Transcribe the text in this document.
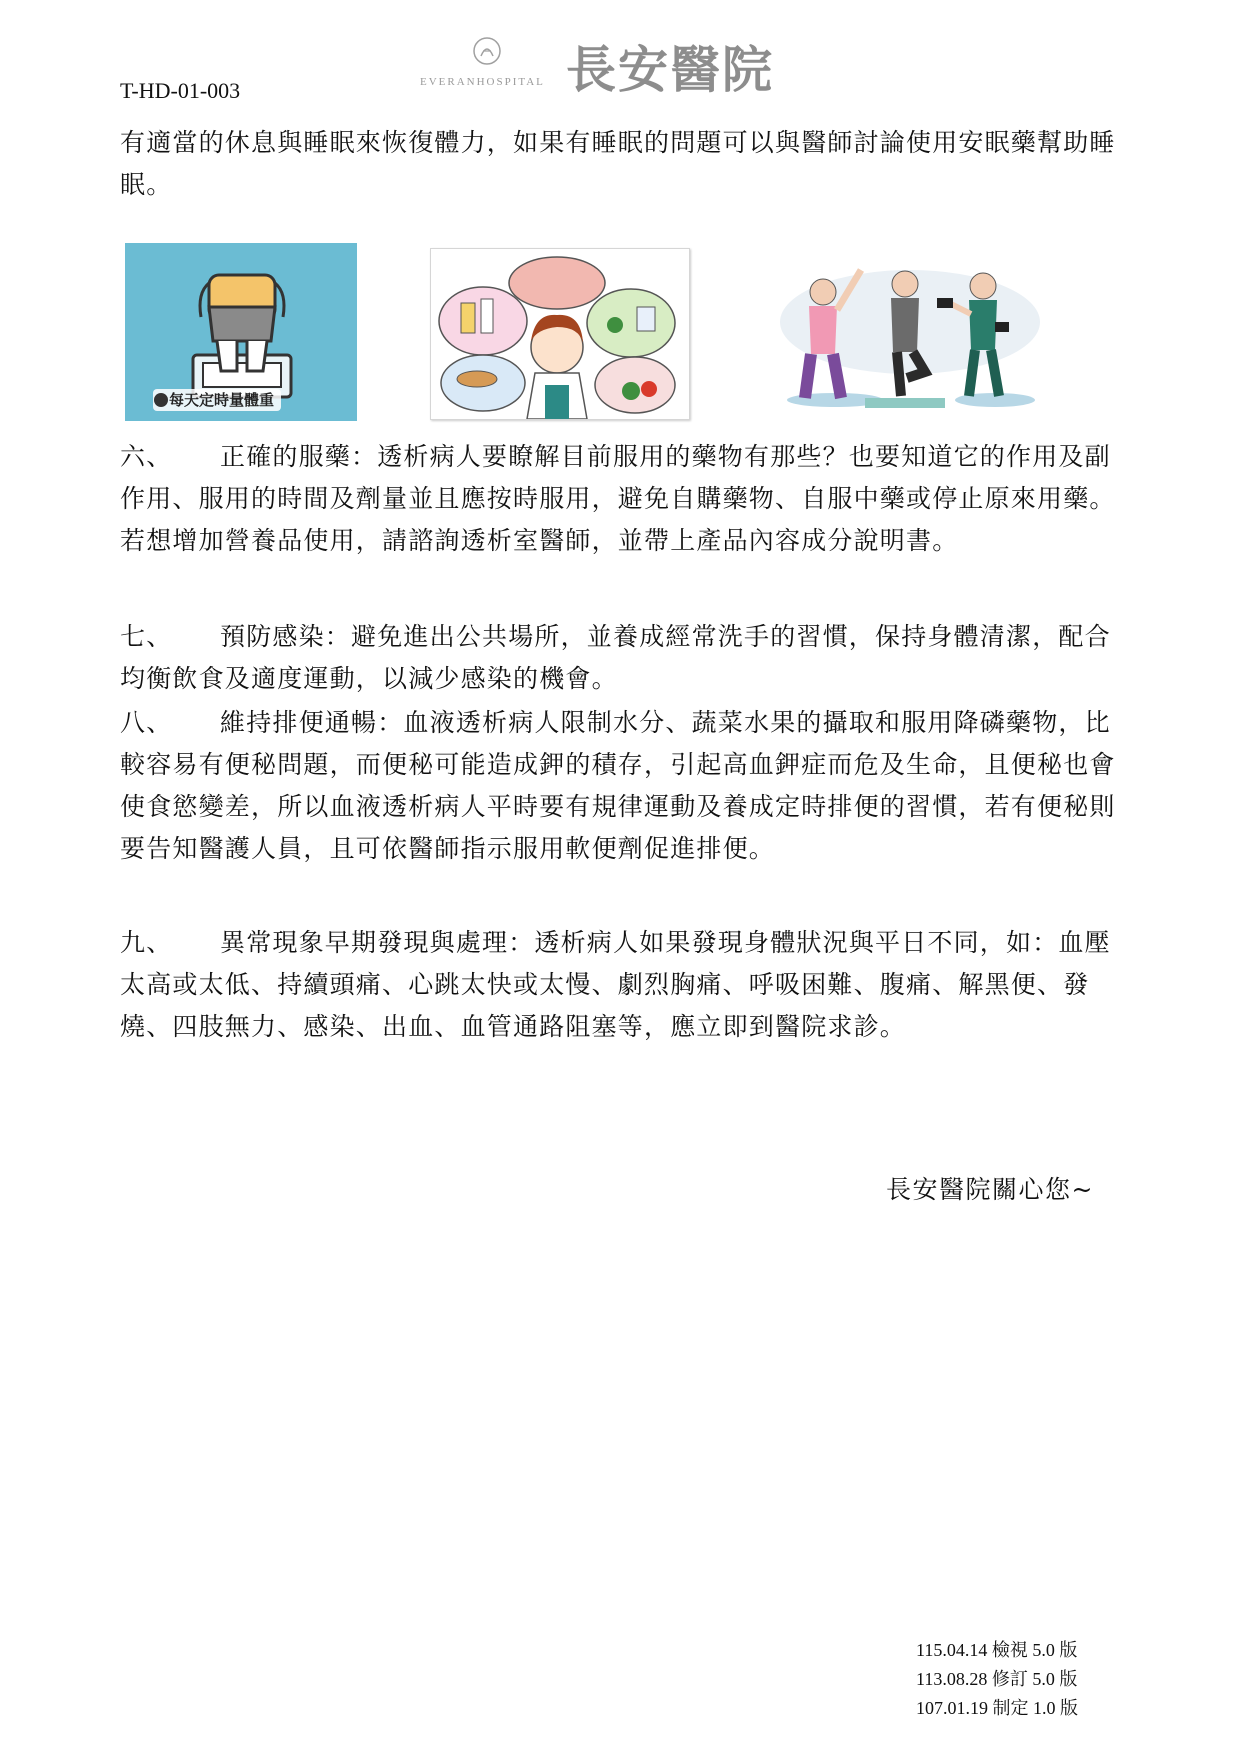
T-HD-01-003	EVERANHOSPITAL 長安醫院

有適當的休息與睡眠來恢復體力，如果有睡眠的問題可以與醫師討論使用安眠藥幫助睡眠。

每天定時量體重

六、 正確的服藥：透析病人要瞭解目前服用的藥物有那些？也要知道它的作用及副作用、服用的時間及劑量並且應按時服用，避免自購藥物、自服中藥或停止原來用藥。若想增加營養品使用，請諮詢透析室醫師，並帶上產品內容成分說明書。

七、 預防感染：避免進出公共場所，並養成經常洗手的習慣，保持身體清潔，配合均衡飲食及適度運動，以減少感染的機會。

八、 維持排便通暢：血液透析病人限制水分、蔬菜水果的攝取和服用降磷藥物，比較容易有便秘問題，而便秘可能造成鉀的積存，引起高血鉀症而危及生命，且便秘也會使食慾變差，所以血液透析病人平時要有規律運動及養成定時排便的習慣，若有便秘則要告知醫護人員，且可依醫師指示服用軟便劑促進排便。

九、 異常現象早期發現與處理：透析病人如果發現身體狀況與平日不同，如：血壓太高或太低、持續頭痛、心跳太快或太慢、劇烈胸痛、呼吸困難、腹痛、解黑便、發燒、四肢無力、感染、出血、血管通路阻塞等，應立即到醫院求診。

長安醫院關心您~
115.04.14 檢視 5.0 版
113.08.28 修訂 5.0 版
107.01.19 制定 1.0 版
